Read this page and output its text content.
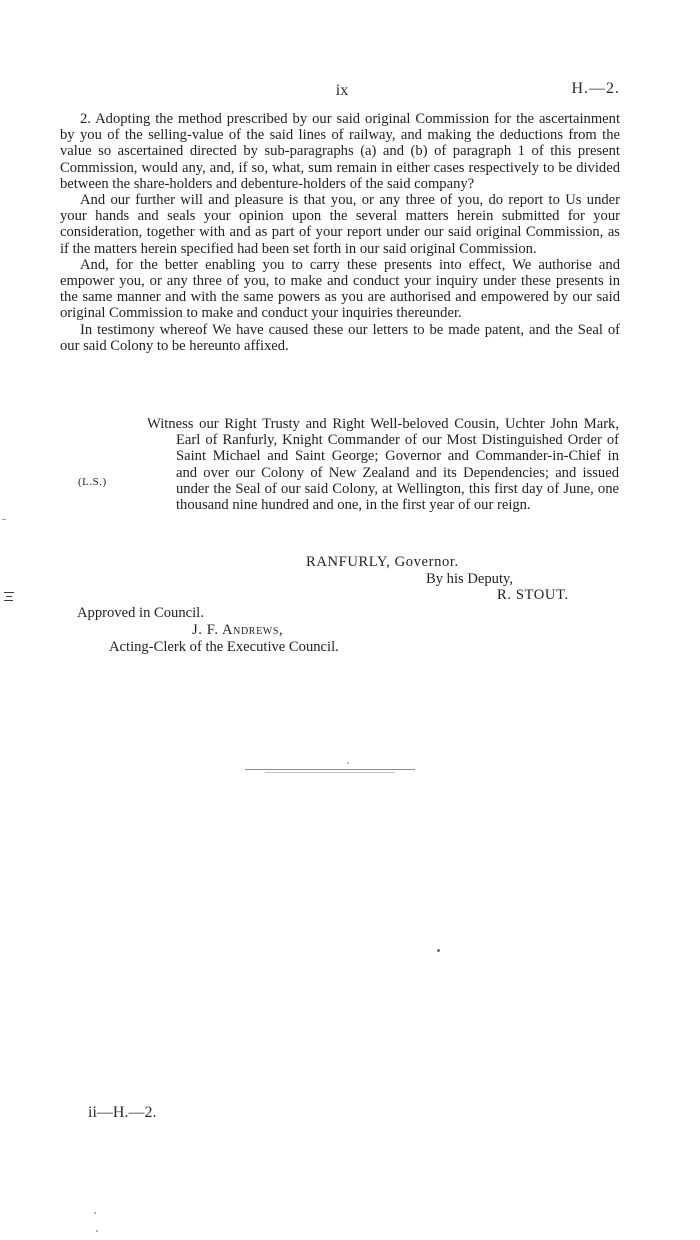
ix	H.—2.

2. Adopting the method prescribed by our said original Commission for the ascertainment by you of the selling-value of the said lines of railway, and making the deductions from the value so ascertained directed by sub-paragraphs (a) and (b) of paragraph 1 of this present Commission, would any, and, if so, what, sum remain in either cases respectively to be divided between the share-holders and debenture-holders of the said company?

And our further will and pleasure is that you, or any three of you, do report to Us under your hands and seals your opinion upon the several matters herein submitted for your consideration, together with and as part of your report under our said original Commission, as if the matters herein specified had been set forth in our said original Commission.

And, for the better enabling you to carry these presents into effect, We authorise and empower you, or any three of you, to make and conduct your inquiry under these presents in the same manner and with the same powers as you are authorised and empowered by our said original Commission to make and conduct your inquiries thereunder.

In testimony whereof We have caused these our letters to be made patent, and the Seal of our said Colony to be hereunto affixed.

Witness our Right Trusty and Right Well-beloved Cousin, Uchter John Mark, Earl of Ranfurly, Knight Commander of our Most Distinguished Order of Saint Michael and Saint George; Governor and Commander-in-Chief in and over our Colony of New Zealand and its Dependencies; and issued under the Seal of our said Colony, at Wellington, this first day of June, one thousand nine hundred and one, in the first year of our reign.

(L.S.)
RANFURLY, Governor.
By his Deputy,
R. STOUT.
Approved in Council.
J. F. Andrews,
Acting-Clerk of the Executive Council.
ii—H.—2.
